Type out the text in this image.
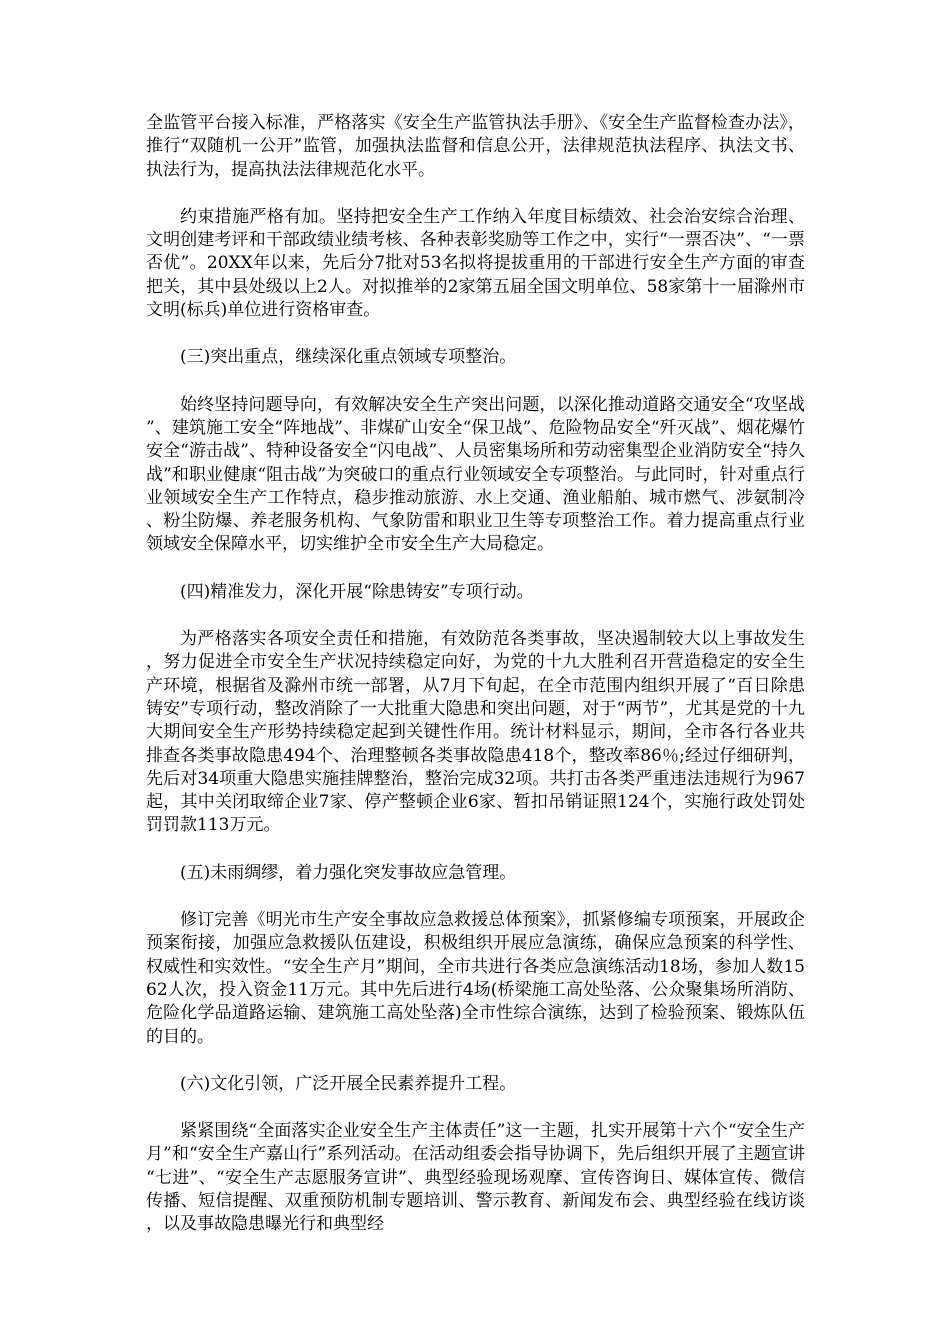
全监管平台接入标准，严格落实《安全生产监管执法手册》、《安全生产监督检查办法》，推行“双随机一公开”监管，加强执法监督和信息公开，法律规范执法程序、执法文书、执法行为，提高执法法律规范化水平。

约束措施严格有加。坚持把安全生产工作纳入年度目标绩效、社会治安综合治理、文明创建考评和干部政绩业绩考核、各种表彰奖励等工作之中，实行“一票否决”、“一票否优”。20XX年以来，先后分7批对53名拟将提拔重用的干部进行安全生产方面的审查把关，其中县处级以上2人。对拟推举的2家第五届全国文明单位、58家第十一届滁州市文明(标兵)单位进行资格审查。

(三)突出重点，继续深化重点领域专项整治。

始终坚持问题导向，有效解决安全生产突出问题，以深化推动道路交通安全“攻坚战”、建筑施工安全“阵地战”、非煤矿山安全“保卫战”、危险物品安全“歼灭战”、烟花爆竹安全“游击战”、特种设备安全“闪电战”、人员密集场所和劳动密集型企业消防安全“持久战”和职业健康“阻击战”为突破口的重点行业领域安全专项整治。与此同时，针对重点行业领域安全生产工作特点，稳步推动旅游、水上交通、渔业船舶、城市燃气、涉氨制冷、粉尘防爆、养老服务机构、气象防雷和职业卫生等专项整治工作。着力提高重点行业领域安全保障水平，切实维护全市安全生产大局稳定。

(四)精准发力，深化开展“除患铸安”专项行动。

为严格落实各项安全责任和措施，有效防范各类事故，坚决遏制较大以上事故发生，努力促进全市安全生产状况持续稳定向好，为党的十九大胜利召开营造稳定的安全生产环境，根据省及滁州市统一部署，从7月下旬起，在全市范围内组织开展了“百日除患铸安”专项行动，整改消除了一大批重大隐患和突出问题，对于“两节”，尤其是党的十九大期间安全生产形势持续稳定起到关键性作用。统计材料显示，期间，全市各行各业共排查各类事故隐患494个、治理整顿各类事故隐患418个，整改率86％;经过仔细研判，先后对34项重大隐患实施挂牌整治，整治完成32项。共打击各类严重违法违规行为967起，其中关闭取缔企业7家、停产整顿企业6家、暂扣吊销证照124个，实施行政处罚处罚罚款113万元。

(五)未雨绸缪，着力强化突发事故应急管理。

修订完善《明光市生产安全事故应急救援总体预案》，抓紧修编专项预案，开展政企预案衔接，加强应急救援队伍建设，积极组织开展应急演练，确保应急预案的科学性、权威性和实效性。“安全生产月”期间，全市共进行各类应急演练活动18场，参加人数1562人次，投入资金11万元。其中先后进行4场(桥梁施工高处坠落、公众聚集场所消防、危险化学品道路运输、建筑施工高处坠落)全市性综合演练，达到了检验预案、锻炼队伍的目的。

(六)文化引领，广泛开展全民素养提升工程。

紧紧围绕“全面落实企业安全生产主体责任”这一主题，扎实开展第十六个“安全生产月”和“安全生产嘉山行”系列活动。在活动组委会指导协调下，先后组织开展了主题宣讲“七进”、“安全生产志愿服务宣讲”、典型经验现场观摩、宣传咨询日、媒体宣传、微信传播、短信提醒、双重预防机制专题培训、警示教育、新闻发布会、典型经验在线访谈，以及事故隐患曝光行和典型经
